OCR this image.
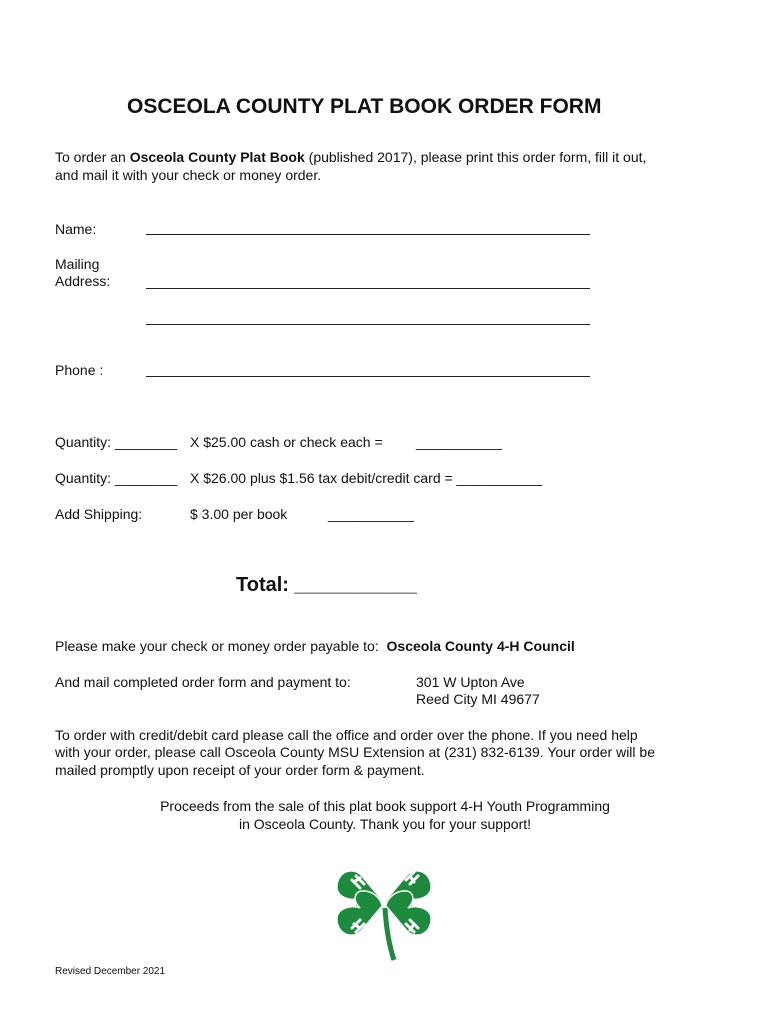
OSCEOLA COUNTY PLAT BOOK ORDER FORM
To order an Osceola County Plat Book (published 2017), please print this order form, fill it out,
and mail it with your check or money order.
Name:
Mailing
Address:
Phone :
Quantity: ________ X $25.00 cash or check each = ___________
Quantity: ________ X $26.00 plus $1.56 tax debit/credit card = ___________
Add Shipping:	$ 3.00 per book	___________
Total: ___________
Please make your check or money order payable to: Osceola County 4-H Council
And mail completed order form and payment to:	301 W Upton Ave
Reed City MI 49677
To order with credit/debit card please call the office and order over the phone. If you need help
with your order, please call Osceola County MSU Extension at (231) 832-6139. Your order will be
mailed promptly upon receipt of your order form & payment.
Proceeds from the sale of this plat book support 4-H Youth Programming
in Osceola County. Thank you for your support!
Revised December 2021
